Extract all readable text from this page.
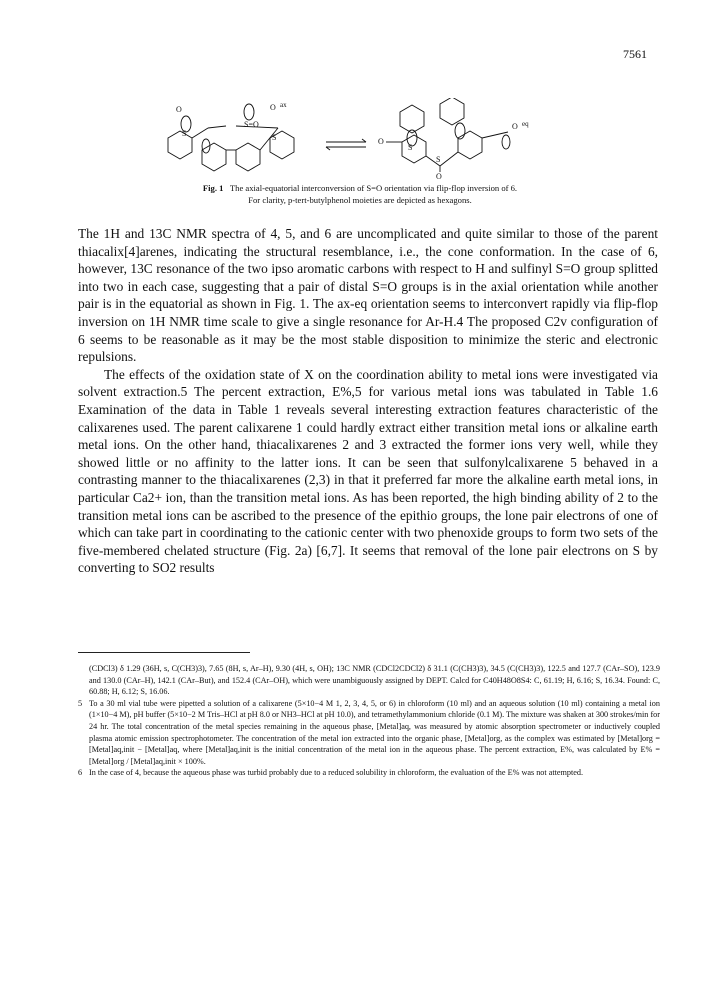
7561
O	O ax
S
S=O
S	O
O eq
S
S
O
Fig. 1 The axial-equatorial interconversion of S=O orientation via flip-flop inversion of 6.
For clarity, p-tert-butylphenol moieties are depicted as hexagons.

The 1H and 13C NMR spectra of 4, 5, and 6 are uncomplicated and quite similar to those of the parent thiacalix[4]arenes, indicating the structural resemblance, i.e., the cone conformation. In the case of 6, however, 13C resonance of the two ipso aromatic carbons with respect to H and sulfinyl S=O group splitted into two in each case, suggesting that a pair of distal S=O groups is in the axial orientation while another pair is in the equatorial as shown in Fig. 1. The ax-eq orientation seems to interconvert rapidly via flip-flop inversion on 1H NMR time scale to give a single resonance for Ar-H.4 The proposed C2v configuration of 6 seems to be reasonable as it may be the most stable disposition to minimize the steric and electronic repulsions.

The effects of the oxidation state of X on the coordination ability to metal ions were investigated via solvent extraction.5 The percent extraction, E%,5 for various metal ions was tabulated in Table 1.6 Examination of the data in Table 1 reveals several interesting extraction features characteristic of the calixarenes used. The parent calixarene 1 could hardly extract either transition metal ions or alkaline earth metal ions. On the other hand, thiacalixarenes 2 and 3 extracted the former ions very well, while they showed little or no affinity to the latter ions. It can be seen that sulfonylcalixarene 5 behaved in a contrasting manner to the thiacalixarenes (2,3) in that it preferred far more the alkaline earth metal ions, in particular Ca2+ ion, than the transition metal ions. As has been reported, the high binding ability of 2 to the transition metal ions can be ascribed to the presence of the epithio groups, the lone pair electrons of one of which can take part in coordinating to the cationic center with two phenoxide groups to form two sets of the five-membered chelated structure (Fig. 2a) [6,7]. It seems that removal of the lone pair electrons on S by converting to SO2 results

(CDCl3) δ 1.29 (36H, s, C(CH3)3), 7.65 (8H, s, Ar–H), 9.30 (4H, s, OH); 13C NMR (CDCl2CDCl2) δ 31.1 (C(CH3)3), 34.5 (C(CH3)3), 122.5 and 127.7 (CAr–SO), 123.9 and 130.0 (CAr–H), 142.1 (CAr–But), and 152.4 (CAr–OH), which were unambiguously assigned by DEPT. Calcd for C40H48O8S4: C, 61.19; H, 6.16; S, 16.34. Found: C, 60.88; H, 6.12; S, 16.06.

5 To a 30 ml vial tube were pipetted a solution of a calixarene (5×10−4 M 1, 2, 3, 4, 5, or 6) in chloroform (10 ml) and an aqueous solution (10 ml) containing a metal ion (1×10−4 M), pH buffer (5×10−2 M Tris–HCl at pH 8.0 or NH3–HCl at pH 10.0), and tetramethylammonium chloride (0.1 M). The mixture was shaken at 300 strokes/min for 24 hr. The total concentration of the metal species remaining in the aqueous phase, [Metal]aq, was measured by atomic absorption spectrometer or inductively coupled plasma atomic emission spectrophotometer. The concentration of the metal ion extracted into the organic phase, [Metal]org, as the complex was estimated by [Metal]org = [Metal]aq,init − [Metal]aq, where [Metal]aq,init is the initial concentration of the metal ion in the aqueous phase. The percent extraction, E%, was calculated by E% = [Metal]org / [Metal]aq,init × 100%.

6 In the case of 4, because the aqueous phase was turbid probably due to a reduced solubility in chloroform, the evaluation of the E% was not attempted.
